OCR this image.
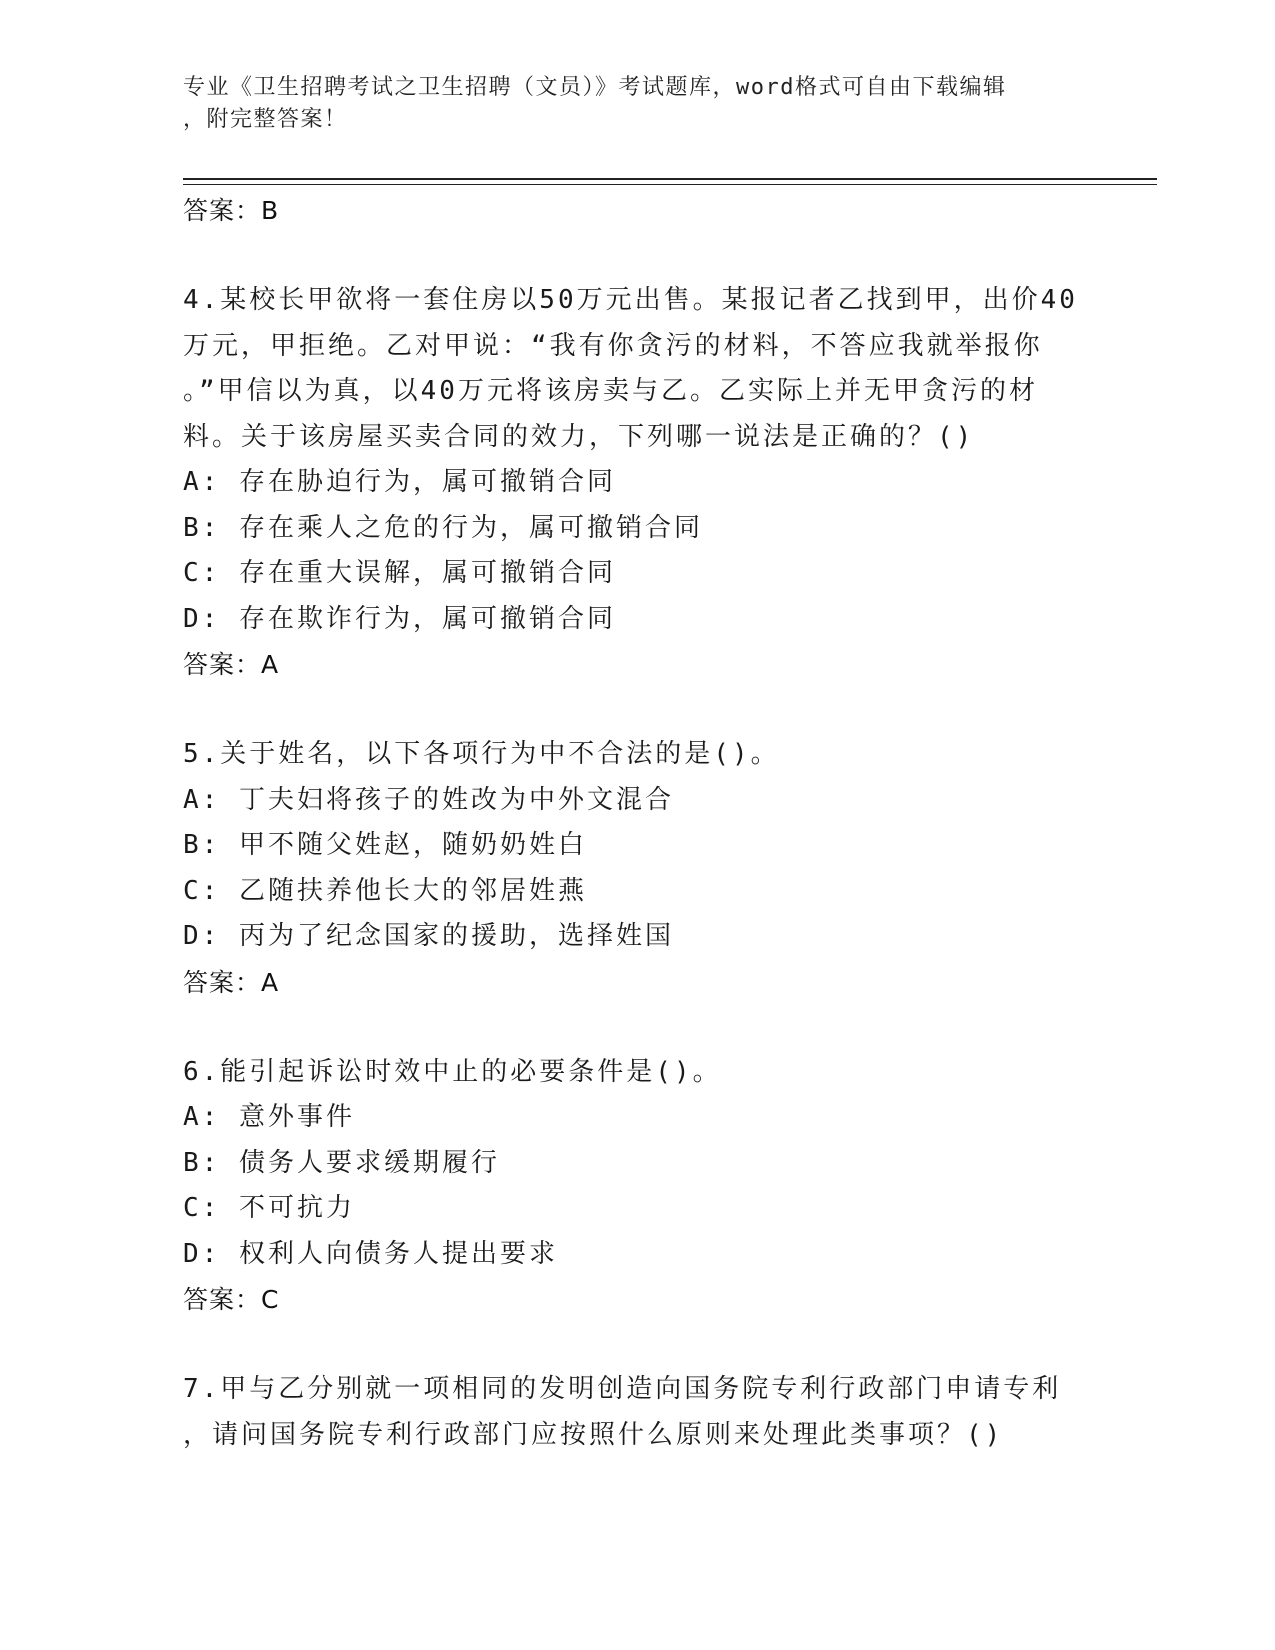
专业《卫生招聘考试之卫生招聘（文员）》考试题库，word格式可自由下载编辑
，附完整答案！
答案：B
4.某校长甲欲将一套住房以50万元出售。某报记者乙找到甲，出价40
万元，甲拒绝。乙对甲说：“我有你贪污的材料，不答应我就举报你
。”甲信以为真，以40万元将该房卖与乙。乙实际上并无甲贪污的材
料。关于该房屋买卖合同的效力，下列哪一说法是正确的？()
A: 存在胁迫行为，属可撤销合同
B: 存在乘人之危的行为，属可撤销合同
C: 存在重大误解，属可撤销合同
D: 存在欺诈行为，属可撤销合同
答案：A
5.关于姓名，以下各项行为中不合法的是()。
A: 丁夫妇将孩子的姓改为中外文混合
B: 甲不随父姓赵，随奶奶姓白
C: 乙随扶养他长大的邻居姓燕
D: 丙为了纪念国家的援助，选择姓国
答案：A
6.能引起诉讼时效中止的必要条件是()。
A: 意外事件
B: 债务人要求缓期履行
C: 不可抗力
D: 权利人向债务人提出要求
答案：C
7.甲与乙分别就一项相同的发明创造向国务院专利行政部门申请专利
，请问国务院专利行政部门应按照什么原则来处理此类事项？()
